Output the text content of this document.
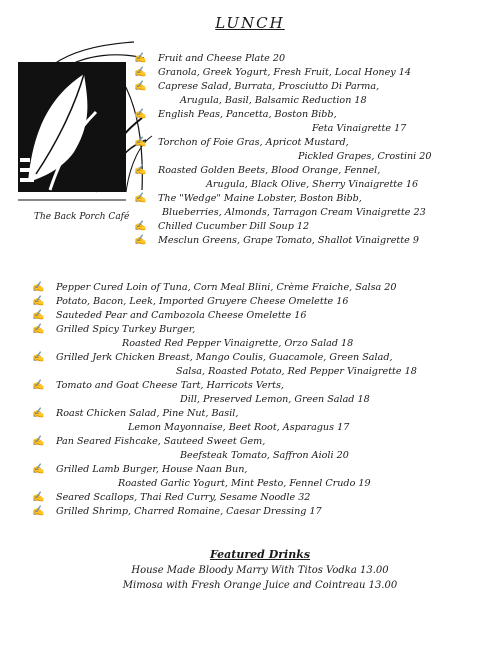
LUNCH
The Back Porch Café
✍ Fruit and Cheese Plate 20
✍ Granola, Greek Yogurt, Fresh Fruit, Local Honey 14
✍ Caprese Salad, Burrata, Prosciutto Di Parma,
Arugula, Basil, Balsamic Reduction 18
✍ English Peas, Pancetta, Boston Bibb,
Feta Vinaigrette 17
✍ Torchon of Foie Gras, Apricot Mustard,
Pickled Grapes, Crostini 20
✍ Roasted Golden Beets, Blood Orange, Fennel,
Arugula, Black Olive, Sherry Vinaigrette 16
✍ The "Wedge" Maine Lobster, Boston Bibb,
Blueberries, Almonds, Tarragon Cream Vinaigrette 23
✍ Chilled Cucumber Dill Soup 12
✍ Mesclun Greens, Grape Tomato, Shallot Vinaigrette 9
✍ Pepper Cured Loin of Tuna, Corn Meal Blini, Crème Fraiche, Salsa 20
✍ Potato, Bacon, Leek, Imported Gruyere Cheese Omelette 16
✍ Sauteded Pear and Cambozola Cheese Omelette 16
✍ Grilled Spicy Turkey Burger,
Roasted Red Pepper Vinaigrette, Orzo Salad 18
✍ Grilled Jerk Chicken Breast, Mango Coulis, Guacamole, Green Salad,
Salsa, Roasted Potato, Red Pepper Vinaigrette 18
✍ Tomato and Goat Cheese Tart, Harricots Verts,
Dill, Preserved Lemon, Green Salad 18
✍ Roast Chicken Salad, Pine Nut, Basil,
Lemon Mayonnaise, Beet Root, Asparagus 17
✍ Pan Seared Fishcake, Sauteed Sweet Gem,
Beefsteak Tomato, Saffron Aioli 20
✍ Grilled Lamb Burger, House Naan Bun,
Roasted Garlic Yogurt, Mint Pesto, Fennel Crudo 19
✍ Seared Scallops, Thai Red Curry, Sesame Noodle 32
✍ Grilled Shrimp, Charred Romaine, Caesar Dressing 17
Featured Drinks
House Made Bloody Marry With Titos Vodka 13.00
Mimosa with Fresh Orange Juice and Cointreau 13.00
